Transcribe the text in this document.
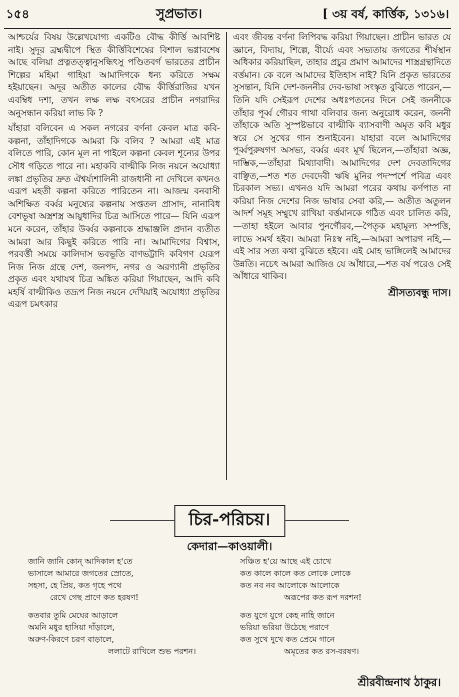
১৫৪	সুপ্রভাত।	[ ৩য় বর্ষ, কার্ত্তিক, ১৩১৬।

আশ্চর্যের বিষয় উল্লেখযোগ্য একটিও বৌদ্ধ কীর্ত্তি আবশিষ্ট নাই। সুদূর ব্রহ্মদ্বীপে স্থিত কীর্ত্তিবিশেষের বিশাল ভগ্নাবশেষ আছে বলিয়া প্রত্নতত্ত্বানুসন্ধিৎসু পণ্ডিতবর্গ ভারতের প্রাচীন শিল্পের মহিমা গাহিয়া আমাদিগকে ধন্য করিতে সক্ষম হইয়াছেন। অদূর অতীত কালের বৌদ্ধ কীর্ত্তিরাজির যখন এবম্বিধ দশা, তখন লক্ষ লক্ষ বৎসরের প্রাচীন নগরাদির অনুসন্ধান করিয়া লাভ কি ?

যাঁহারা বলিবেন এ সকল নগরের বর্ণনা কেবল মাত্র কবি-কল্পনা, তাঁহাদিগকে আমরা কি বলিব ? আমরা এই মাত্র বলিতে পারি, কোন মূল না পাইলে কল্পনা কেবল শূন্যের উপর সৌধ গড়িতে পারে না। মহাকবি বাল্মীকি নিজ নয়নে অযোধ্যা লঙ্কা প্রভৃতির দ্রুত ঐশ্বর্য্যশালিনী রাজধানী না দেখিলে কখনও এরূপ মহতী কল্পনা করিতে পারিতেন না। আজন্ম বনবাসী অশিক্ষিত বর্ব্বর মনুষ্যের কল্পনায় সপ্ততল প্রাসাদ, নানাবিধ বেশভূষা অস্ত্রশস্ত্র আয়ুধাদির চিত্র আসিতে পারে— যিনি এরূপ মনে করেন, তাঁহার উর্ব্বর কল্পনাকে শ্রদ্ধাঞ্জলি প্রদান ব্যতীত আমরা আর কিছুই করিতে পারি না। আমাদিগের বিশ্বাস, পরবর্ত্তী সময়ে কালিদাস ভবভূতি বাণভট্টাদি কবিগণ যেরূপ নিজ নিজ গ্রন্থে দেশ, জনপদ, নগর ও অরণ্যানী প্রভৃতির প্রকৃত এবং যথাযথ চিত্র অঙ্কিত করিয়া গিয়াছেন, আদি কবি মহর্ষি বাল্মীকিও তদ্রূপ নিজ নয়নে দেখিয়াই অযোধ্যা প্রভৃতির এরূপ চমৎকার

এবং জীবন্ত বর্ণনা লিপিবদ্ধ করিয়া গিয়াছেন। প্রাচীন ভারত যে জ্ঞানে, বিদ্যায়, শিল্পে, বীর্য্যে এবং সভ্যতায় জগতের শীর্ষস্থান অধিকার করিয়াছিল, তাহার প্রচুর প্রমাণ আমাদের শাস্ত্রগ্রন্থাদিতে বর্ত্তমান। কে বলে আমাদের ইতিহাস নাই? যিনি প্রকৃত ভারতের সুসন্তান, যিনি দেশ-জননীর দেব-ভাষা সংস্কৃত বুঝিতে পারেন,—তিনি যদি সেইরূপ দেশের অধঃপতনের দিনে সেই জননীকে তাঁহার পূর্ব্ব গৌরব গাথা বলিবার জন্য অনুরোধ করেন, জননী তাঁহাকে অতি সুস্পষ্টভাবে বাল্মীকি ব্যাসবাণী অমৃত কবি মধুর স্বরে সে সুখের গান শুনাইবেন। যাহারা বলে আমাদিগের পূর্ব্বপুরুষগণ অসভ্য, বর্ব্বর এবং মূর্খ ছিলেন,—তাঁহারা অজ্ঞ, দাম্ভিক,—তাঁহারা মিথ্যাবাদী। আমাদিগের দেশ দেবতাদিগের বাঞ্ছিত,—শত শত দেবদেবী ঋষি মুনির পদস্পর্শে পবিত্র এবং চিরকাল সভ্য। এখনও যদি আমরা পরের কথায় কর্ণপাত না করিয়া নিজ দেশের নিজ ভাষার সেবা করি,— অতীত অতুলন আদর্শ সমূহ সম্মুখে রাখিয়া বর্ত্তমানকে গঠিত এবং চালিত করি,—তাহা হইলে আবার পুনর্গৌরব,—পৈতৃক মহামূল্য সম্পত্তি, লাভে সমর্থ হইব। আমরা নিঃস্ব নহি,—আমরা অপারগ নহি,— এই সার সত্য কথা বুঝিতে হইবে। এই মোহ ভাঙ্গিলেই আমাদের উন্নতি। নচেৎ আমরা আজিও যে আঁধারে,—শত বর্ষ পরেও সেই আঁধারে থাকিব।

শ্রীসত্যবন্ধু দাস।
চির-পরিচয়।
কেদারা—কাওয়ালী।
জানি জানি কোন্‌ আদিকাল হ'তে
ভাসালে আমারে জগতের স্রোতে,
সহসা, হে প্রিয়, কত গৃহে পথে
রেখে গেছ প্রাণে কত হরষণ!
কতবার তুমি মেঘের আড়ালে
অমনি মধুর হাসিয়া দাঁড়ালে,
অরুণ-কিরণে চরণ বাড়ালে,
ললাটে রাখিলে শুভ পরশন।
সঞ্চিত হ'য়ে আছে এই চোখে
কত কালে কালে কত লোকে লোকে
কত নব নব আলোকে আলোকে
অরূপের কত রূপ দরশন!
কত যুগে যুগে কেহ নাহি জানে
ভরিয়া ভরিয়া উঠেছে পরাণে
কত সুখে দুখে কত প্রেমে গানে
অমৃতের কত রস-বরষণ।
শ্রীরবীন্দ্রনাথ ঠাকুর।
